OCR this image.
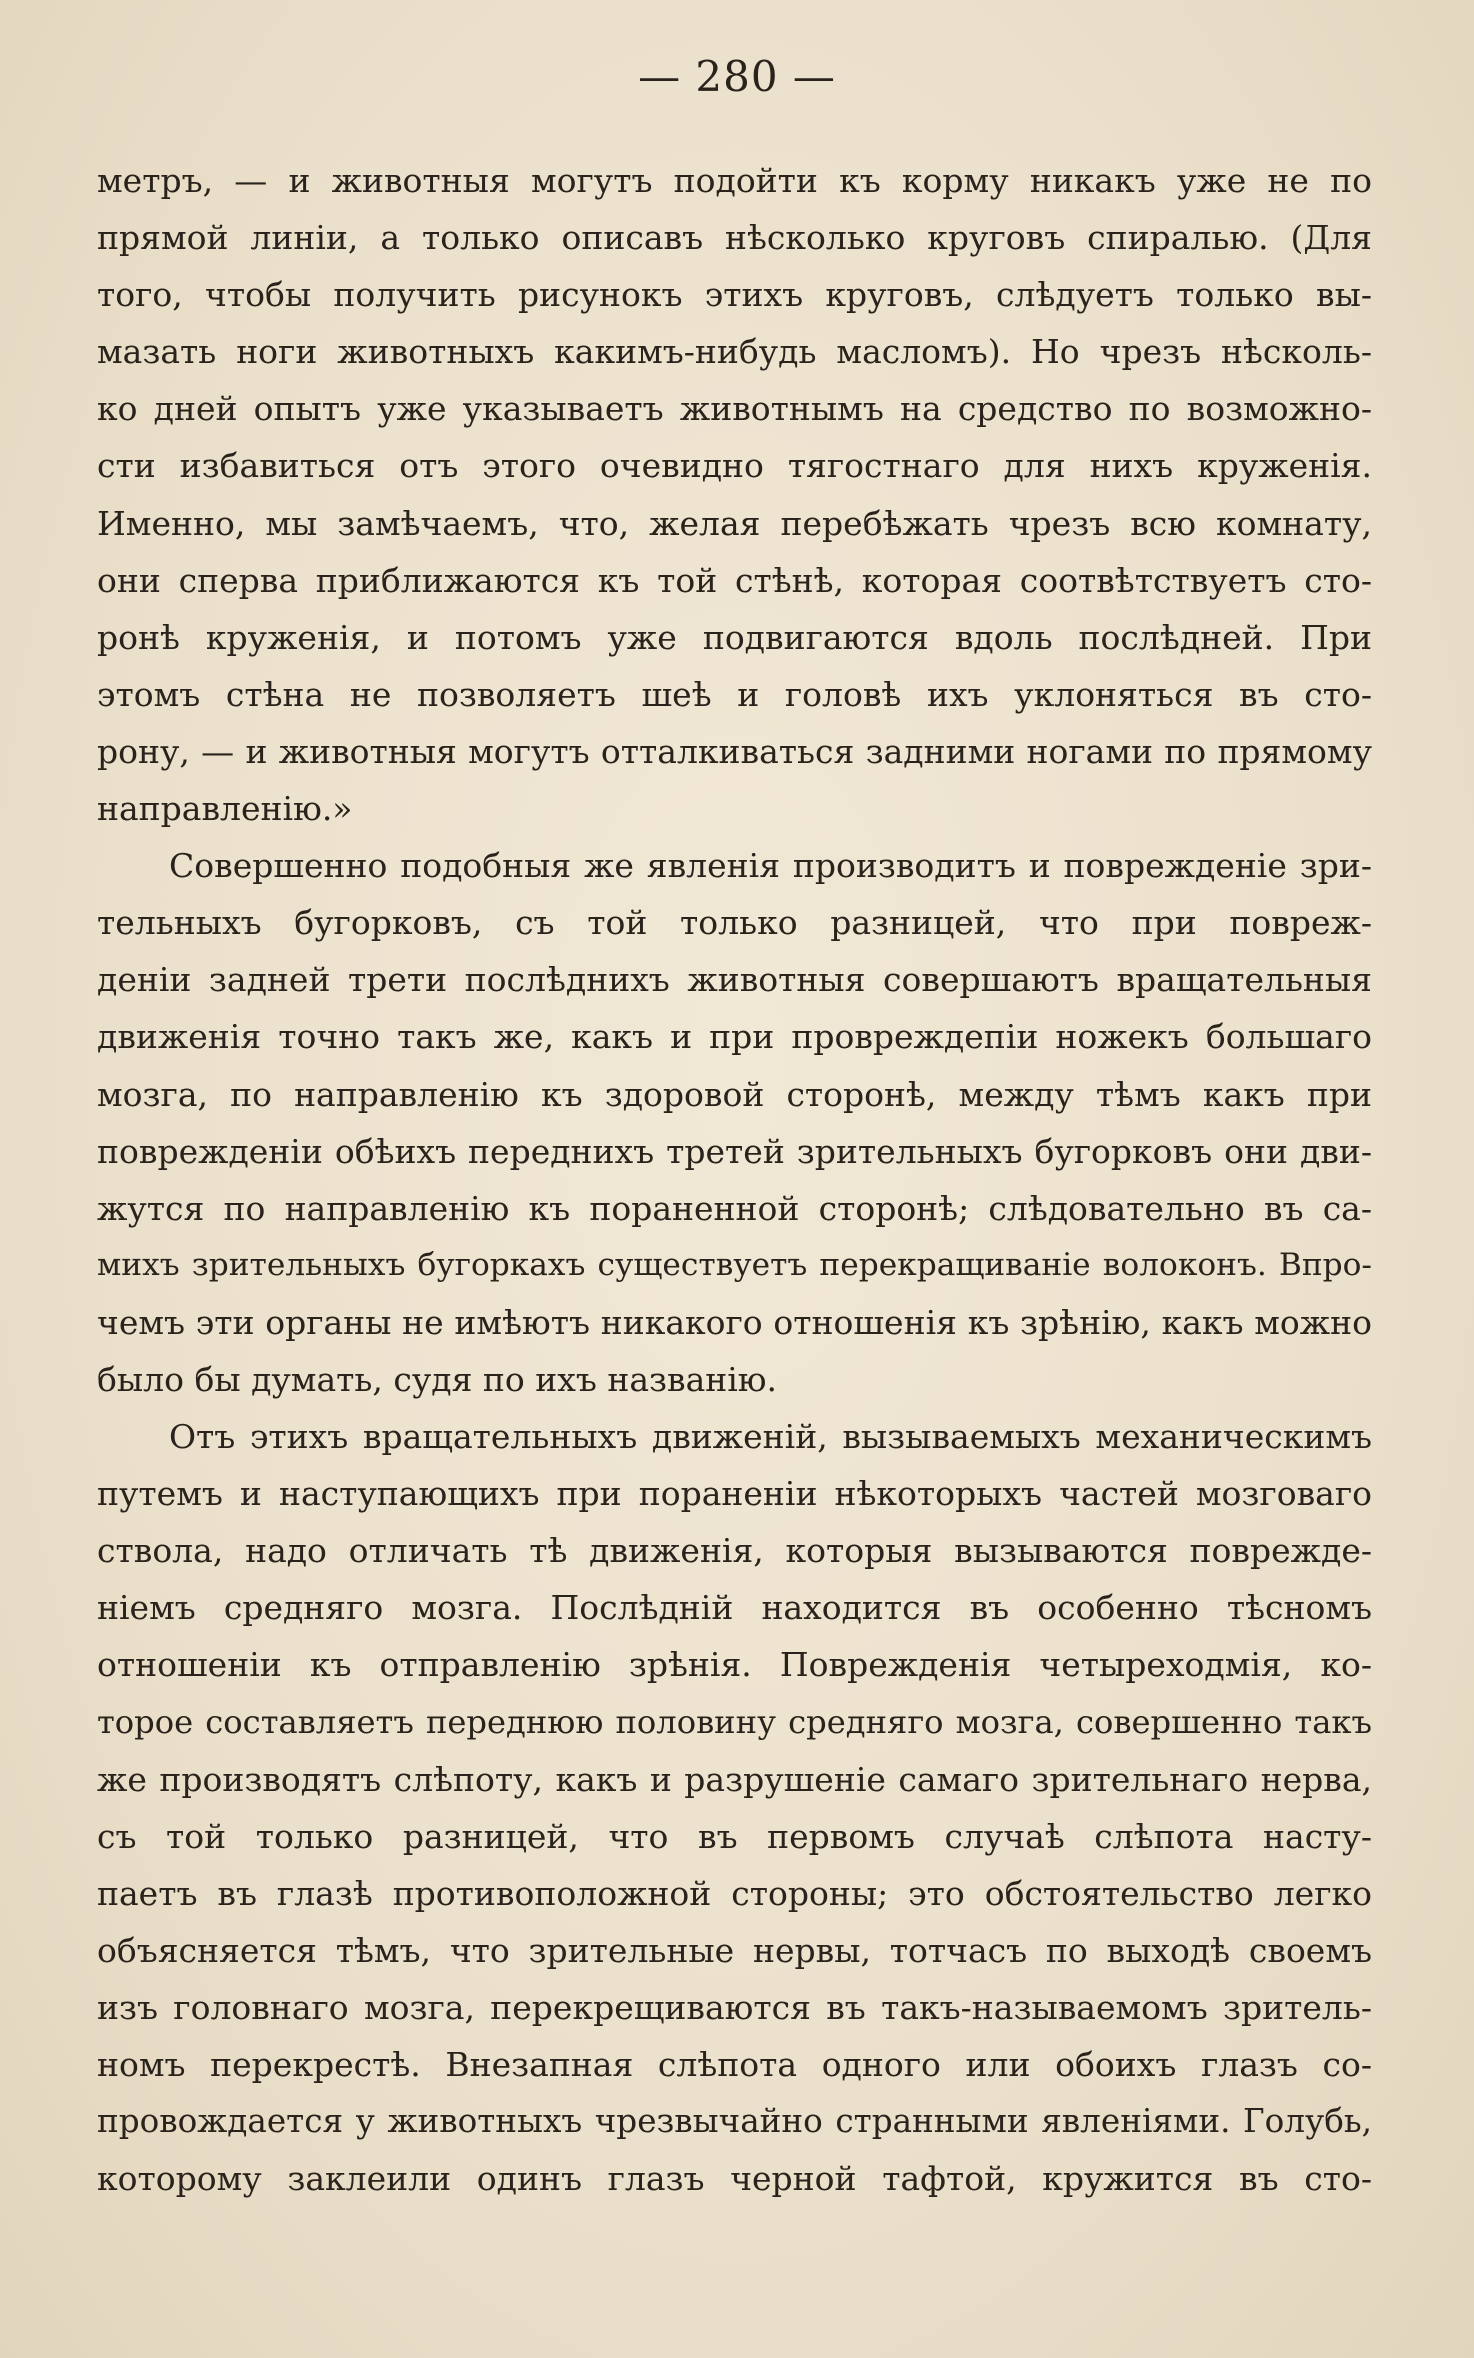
— 280 —
метръ, — и животныя могутъ подойти къ корму никакъ уже не по
прямой линіи, а только описавъ нѣсколько круговъ спиралью. (Для
того, чтобы получить рисунокъ этихъ круговъ, слѣдуетъ только вы-
мазать ноги животныхъ какимъ-нибудь масломъ). Но чрезъ нѣсколь-
ко дней опытъ уже указываетъ животнымъ на средство по возможно-
сти избавиться отъ этого очевидно тягостнаго для нихъ круженія.
Именно, мы замѣчаемъ, что, желая перебѣжать чрезъ всю комнату,
они сперва приближаются къ той стѣнѣ, которая соотвѣтствуетъ сто-
ронѣ круженія, и потомъ уже подвигаются вдоль послѣдней. При
этомъ стѣна не позволяетъ шеѣ и головѣ ихъ уклоняться въ сто-
рону, — и животныя могутъ отталкиваться задними ногами по прямому
направленію.»
Совершенно подобныя же явленія производитъ и поврежденіе зри-
тельныхъ бугорковъ, съ той только разницей, что при повреж-
деніи задней трети послѣднихъ животныя совершаютъ вращательныя
движенія точно такъ же, какъ и при провреждепіи ножекъ большаго
мозга, по направленію къ здоровой сторонѣ, между тѣмъ какъ при
поврежденіи обѣихъ переднихъ третей зрительныхъ бугорковъ они дви-
жутся по направленію къ пораненной сторонѣ; слѣдовательно въ са-
михъ зрительныхъ бугоркахъ существуетъ перекращиваніе волоконъ. Впро-
чемъ эти органы не имѣютъ никакого отношенія къ зрѣнію, какъ можно
было бы думать, судя по ихъ названію.
Отъ этихъ вращательныхъ движеній, вызываемыхъ механическимъ
путемъ и наступающихъ при пораненіи нѣкоторыхъ частей мозговаго
ствола, надо отличать тѣ движенія, которыя вызываются поврежде-
ніемъ средняго мозга. Послѣдній находится въ особенно тѣсномъ
отношеніи къ отправленію зрѣнія. Поврежденія четыреходмія, ко-
торое составляетъ переднюю половину средняго мозга, совершенно такъ
же производятъ слѣпоту, какъ и разрушеніе самаго зрительнаго нерва,
съ той только разницей, что въ первомъ случаѣ слѣпота насту-
паетъ въ глазѣ противоположной стороны; это обстоятельство легко
объясняется тѣмъ, что зрительные нервы, тотчасъ по выходѣ своемъ
изъ головнаго мозга, перекрещиваются въ такъ-называемомъ зритель-
номъ перекрестѣ. Внезапная слѣпота одного или обоихъ глазъ со-
провождается у животныхъ чрезвычайно странными явленіями. Голубь,
которому заклеили одинъ глазъ черной тафтой, кружится въ сто-
